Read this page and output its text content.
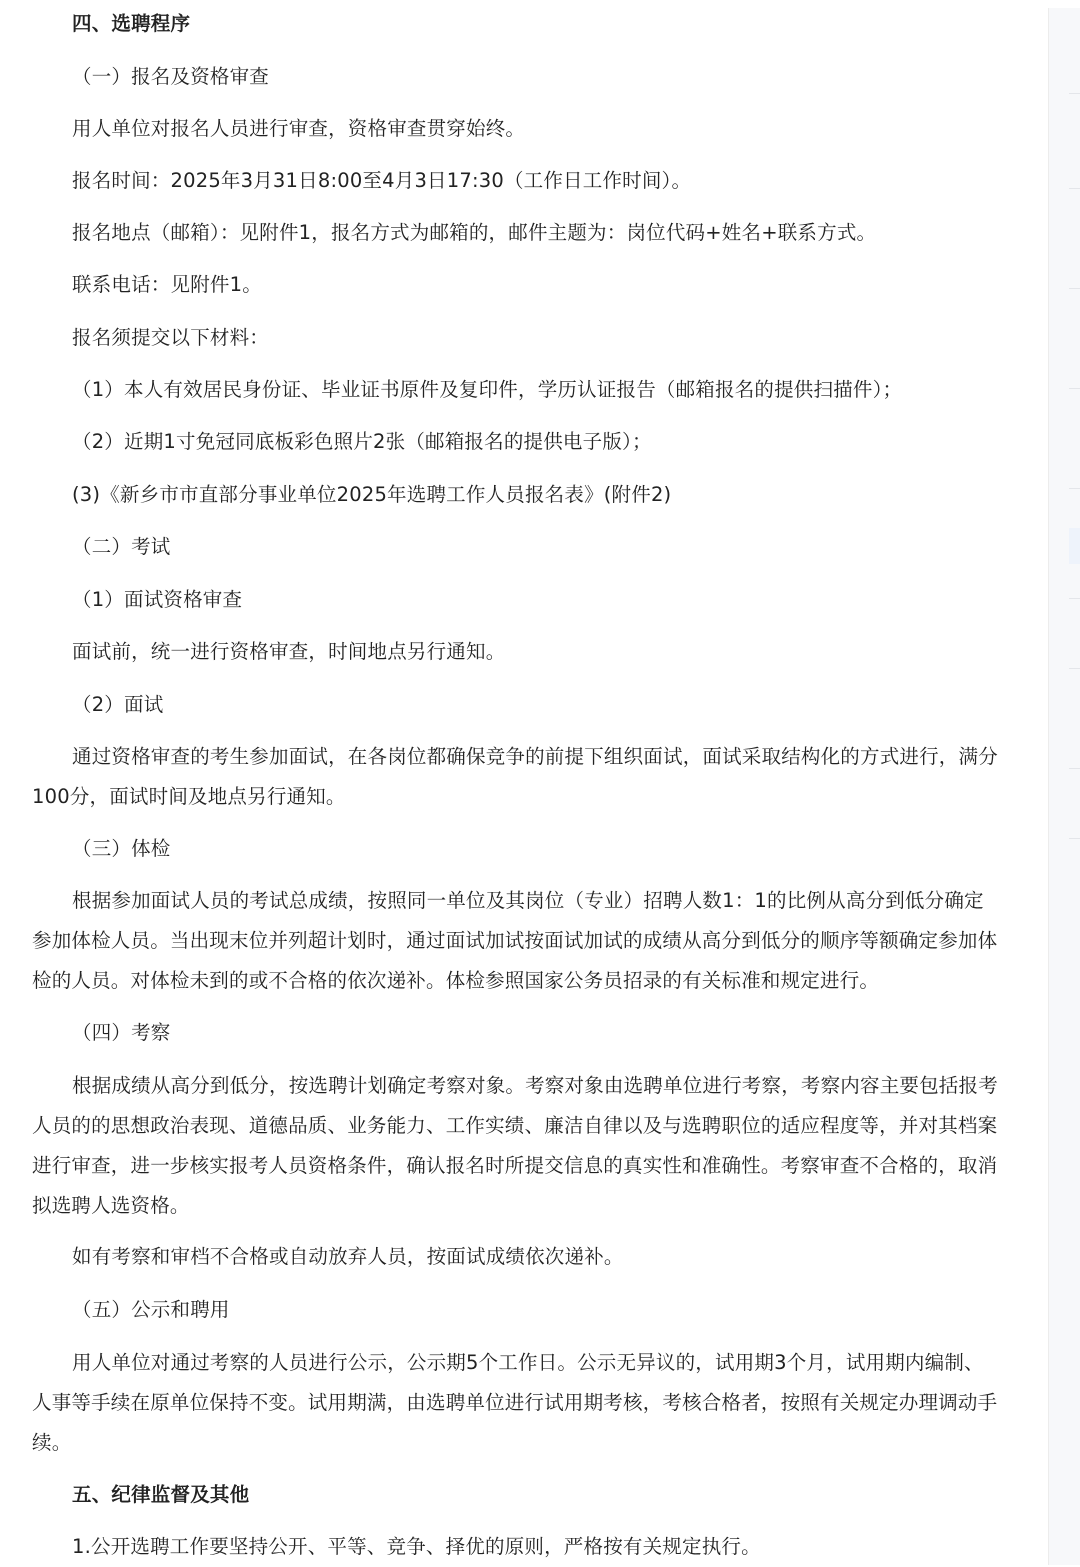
四、选聘程序
（一）报名及资格审查
用人单位对报名人员进行审查，资格审查贯穿始终。
报名时间：2025年3月31日8:00至4月3日17:30（工作日工作时间）。
报名地点（邮箱）：见附件1，报名方式为邮箱的，邮件主题为：岗位代码+姓名+联系方式。
联系电话：见附件1。
报名须提交以下材料：
（1）本人有效居民身份证、毕业证书原件及复印件，学历认证报告（邮箱报名的提供扫描件）；
（2）近期1寸免冠同底板彩色照片2张（邮箱报名的提供电子版）；
(3)《新乡市市直部分事业单位2025年选聘工作人员报名表》(附件2)
（二）考试
（1）面试资格审查
面试前，统一进行资格审查，时间地点另行通知。
（2）面试
通过资格审查的考生参加面试，在各岗位都确保竞争的前提下组织面试，面试采取结构化的方式进行，满分100分，面试时间及地点另行通知。
（三）体检
根据参加面试人员的考试总成绩，按照同一单位及其岗位（专业）招聘人数1：1的比例从高分到低分确定参加体检人员。当出现末位并列超计划时，通过面试加试按面试加试的成绩从高分到低分的顺序等额确定参加体检的人员。对体检未到的或不合格的依次递补。体检参照国家公务员招录的有关标准和规定进行。
（四）考察
根据成绩从高分到低分，按选聘计划确定考察对象。考察对象由选聘单位进行考察，考察内容主要包括报考人员的的思想政治表现、道德品质、业务能力、工作实绩、廉洁自律以及与选聘职位的适应程度等，并对其档案进行审查，进一步核实报考人员资格条件，确认报名时所提交信息的真实性和准确性。考察审查不合格的，取消拟选聘人选资格。
如有考察和审档不合格或自动放弃人员，按面试成绩依次递补。
（五）公示和聘用
用人单位对通过考察的人员进行公示，公示期5个工作日。公示无异议的，试用期3个月，试用期内编制、人事等手续在原单位保持不变。试用期满，由选聘单位进行试用期考核，考核合格者，按照有关规定办理调动手续。
五、纪律监督及其他
1.公开选聘工作要坚持公开、平等、竞争、择优的原则，严格按有关规定执行。
